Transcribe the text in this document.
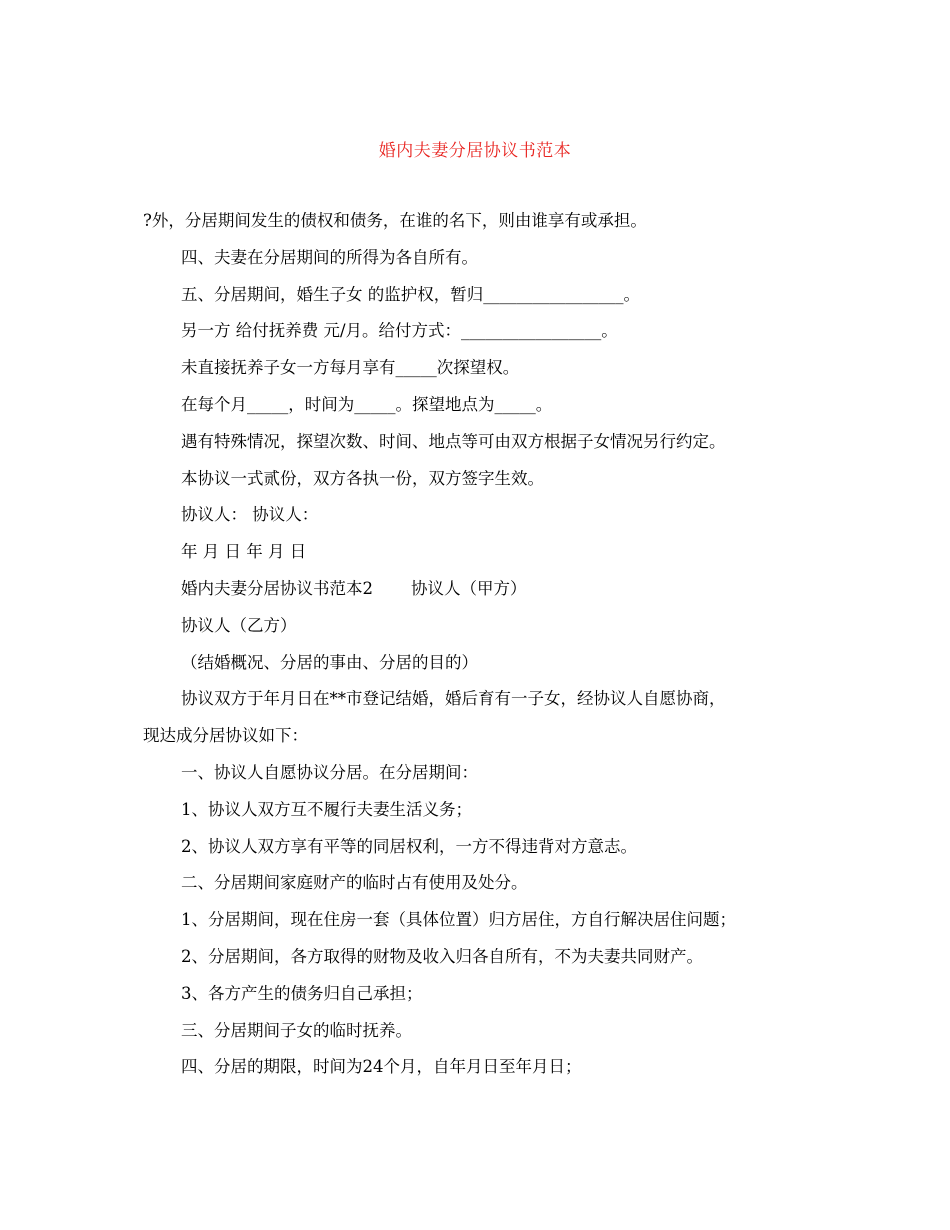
婚内夫妻分居协议书范本
?外，分居期间发生的债权和债务，在谁的名下，则由谁享有或承担。
四、夫妻在分居期间的所得为各自所有。
五、分居期间，婚生子女 的监护权，暂归_________________。
另一方 给付抚养费 元/月。给付方式：_________________。
未直接抚养子女一方每月享有_____次探望权。
在每个月_____，时间为_____。探望地点为_____。
遇有特殊情况，探望次数、时间、地点等可由双方根据子女情况另行约定。
本协议一式贰份，双方各执一份，双方签字生效。
协议人： 协议人：
年 月 日 年 月 日
婚内夫妻分居协议书范本2 协议人（甲方）
协议人（乙方）
（结婚概况、分居的事由、分居的目的）
协议双方于年月日在**市登记结婚，婚后育有一子女，经协议人自愿协商，
现达成分居协议如下：
一、协议人自愿协议分居。在分居期间：
1、协议人双方互不履行夫妻生活义务；
2、协议人双方享有平等的同居权利，一方不得违背对方意志。
二、分居期间家庭财产的临时占有使用及处分。
1、分居期间，现在住房一套（具体位置）归方居住，方自行解决居住问题；
2、分居期间，各方取得的财物及收入归各自所有，不为夫妻共同财产。
3、各方产生的债务归自己承担；
三、分居期间子女的临时抚养。
四、分居的期限，时间为24个月，自年月日至年月日；
